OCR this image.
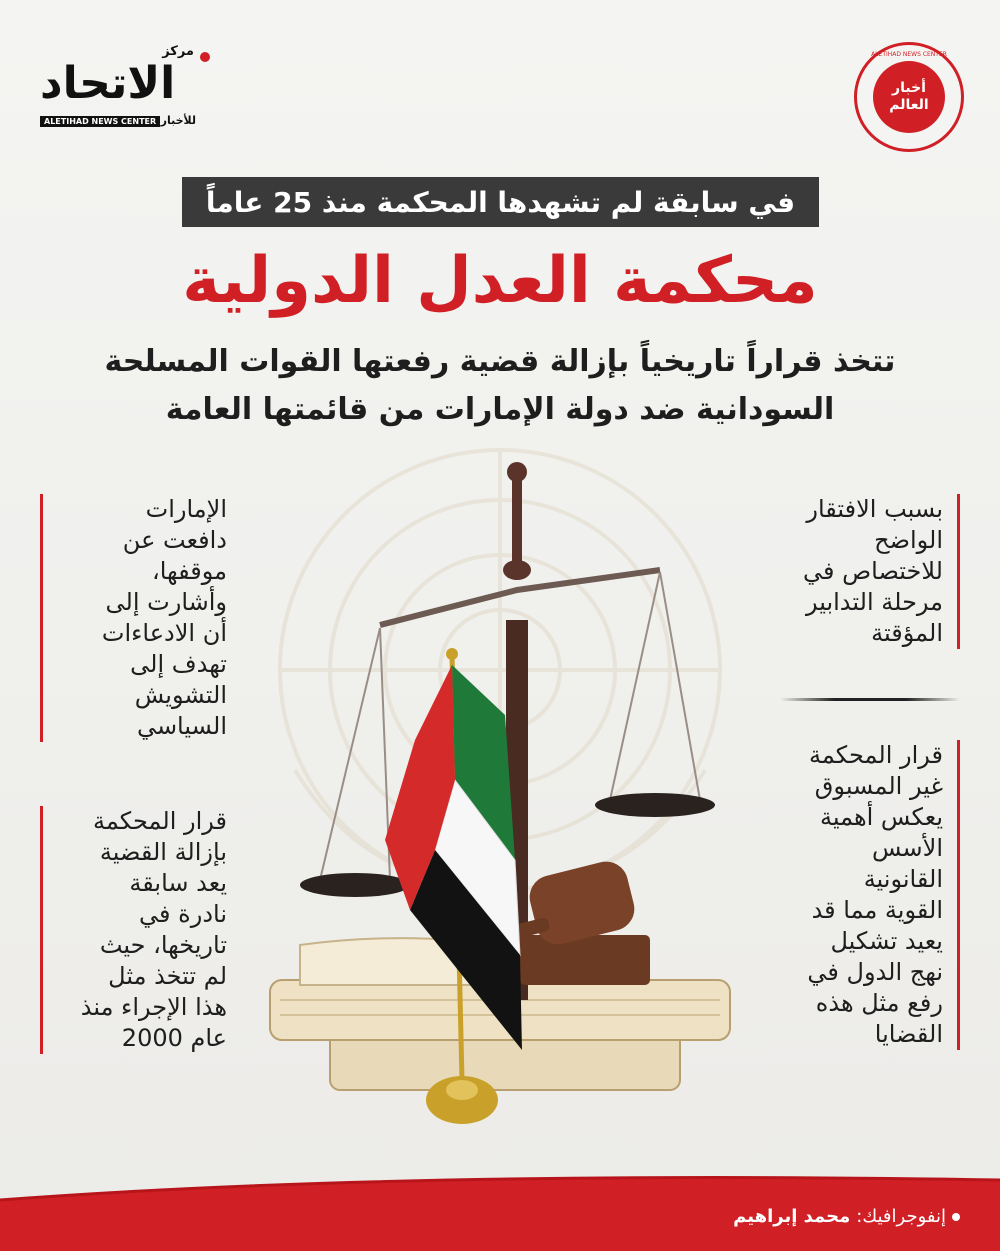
مركز
الاتحاد
ALETIHAD NEWS CENTER للأخبار
ALETIHAD NEWS CENTER
أخبار
العالم
في سابقة لم تشهدها المحكمة منذ 25 عاماً
محكمة العدل الدولية
تتخذ قراراً تاريخياً بإزالة قضية رفعتها القوات المسلحة
السودانية ضد دولة الإمارات من قائمتها العامة

بسبب الافتقار

الواضح

للاختصاص في

مرحلة التدابير

المؤقتة

قرار المحكمة

غير المسبوق

يعكس أهمية

الأسس

القانونية

القوية مما قد

يعيد تشكيل

نهج الدول في

رفع مثل هذه

القضايا

الإمارات

دافعت عن

موقفها،

وأشارت إلى

أن الادعاءات

تهدف إلى

التشويش

السياسي

قرار المحكمة

بإزالة القضية

يعد سابقة

نادرة في

تاريخها، حيث

لم تتخذ مثل

هذا الإجراء منذ

عام 2000

إنفوجرافيك:
محمد إبراهيم
